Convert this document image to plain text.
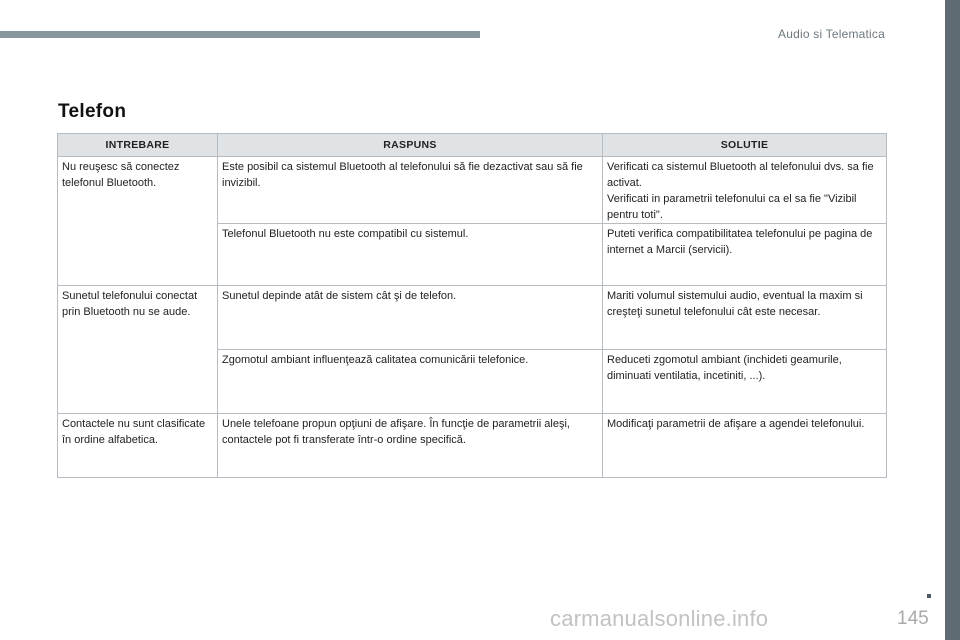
Audio si Telematica
Telefon
INTREBARE	RASPUNS	SOLUTIE
Nu reuşesc să conectez telefonul Bluetooth.	Este posibil ca sistemul Bluetooth al telefonului să fie dezactivat sau să fie invizibil.	Verificati ca sistemul Bluetooth al telefonului dvs. sa fie activat.
Verificati in parametrii telefonului ca el sa fie "Vizibil pentru toti".
	Telefonul Bluetooth nu este compatibil cu sistemul.	Puteti verifica compatibilitatea telefonului pe pagina de internet a Marcii (servicii).
Sunetul telefonului conectat prin Bluetooth nu se aude.	Sunetul depinde atât de sistem cât şi de telefon.	Mariti volumul sistemului audio, eventual la maxim si creşteţi sunetul telefonului cât este necesar.
	Zgomotul ambiant influenţează calitatea comunicării telefonice.	Reduceti zgomotul ambiant (inchideti geamurile, diminuati ventilatia, incetiniti, ...).
Contactele nu sunt clasificate în ordine alfabetica.	Unele telefoane propun opţiuni de afişare. În funcţie de parametrii aleşi, contactele pot fi transferate într-o ordine specifică.	Modificaţi parametrii de afişare a agendei telefonului.
carmanualsonline.info	145
